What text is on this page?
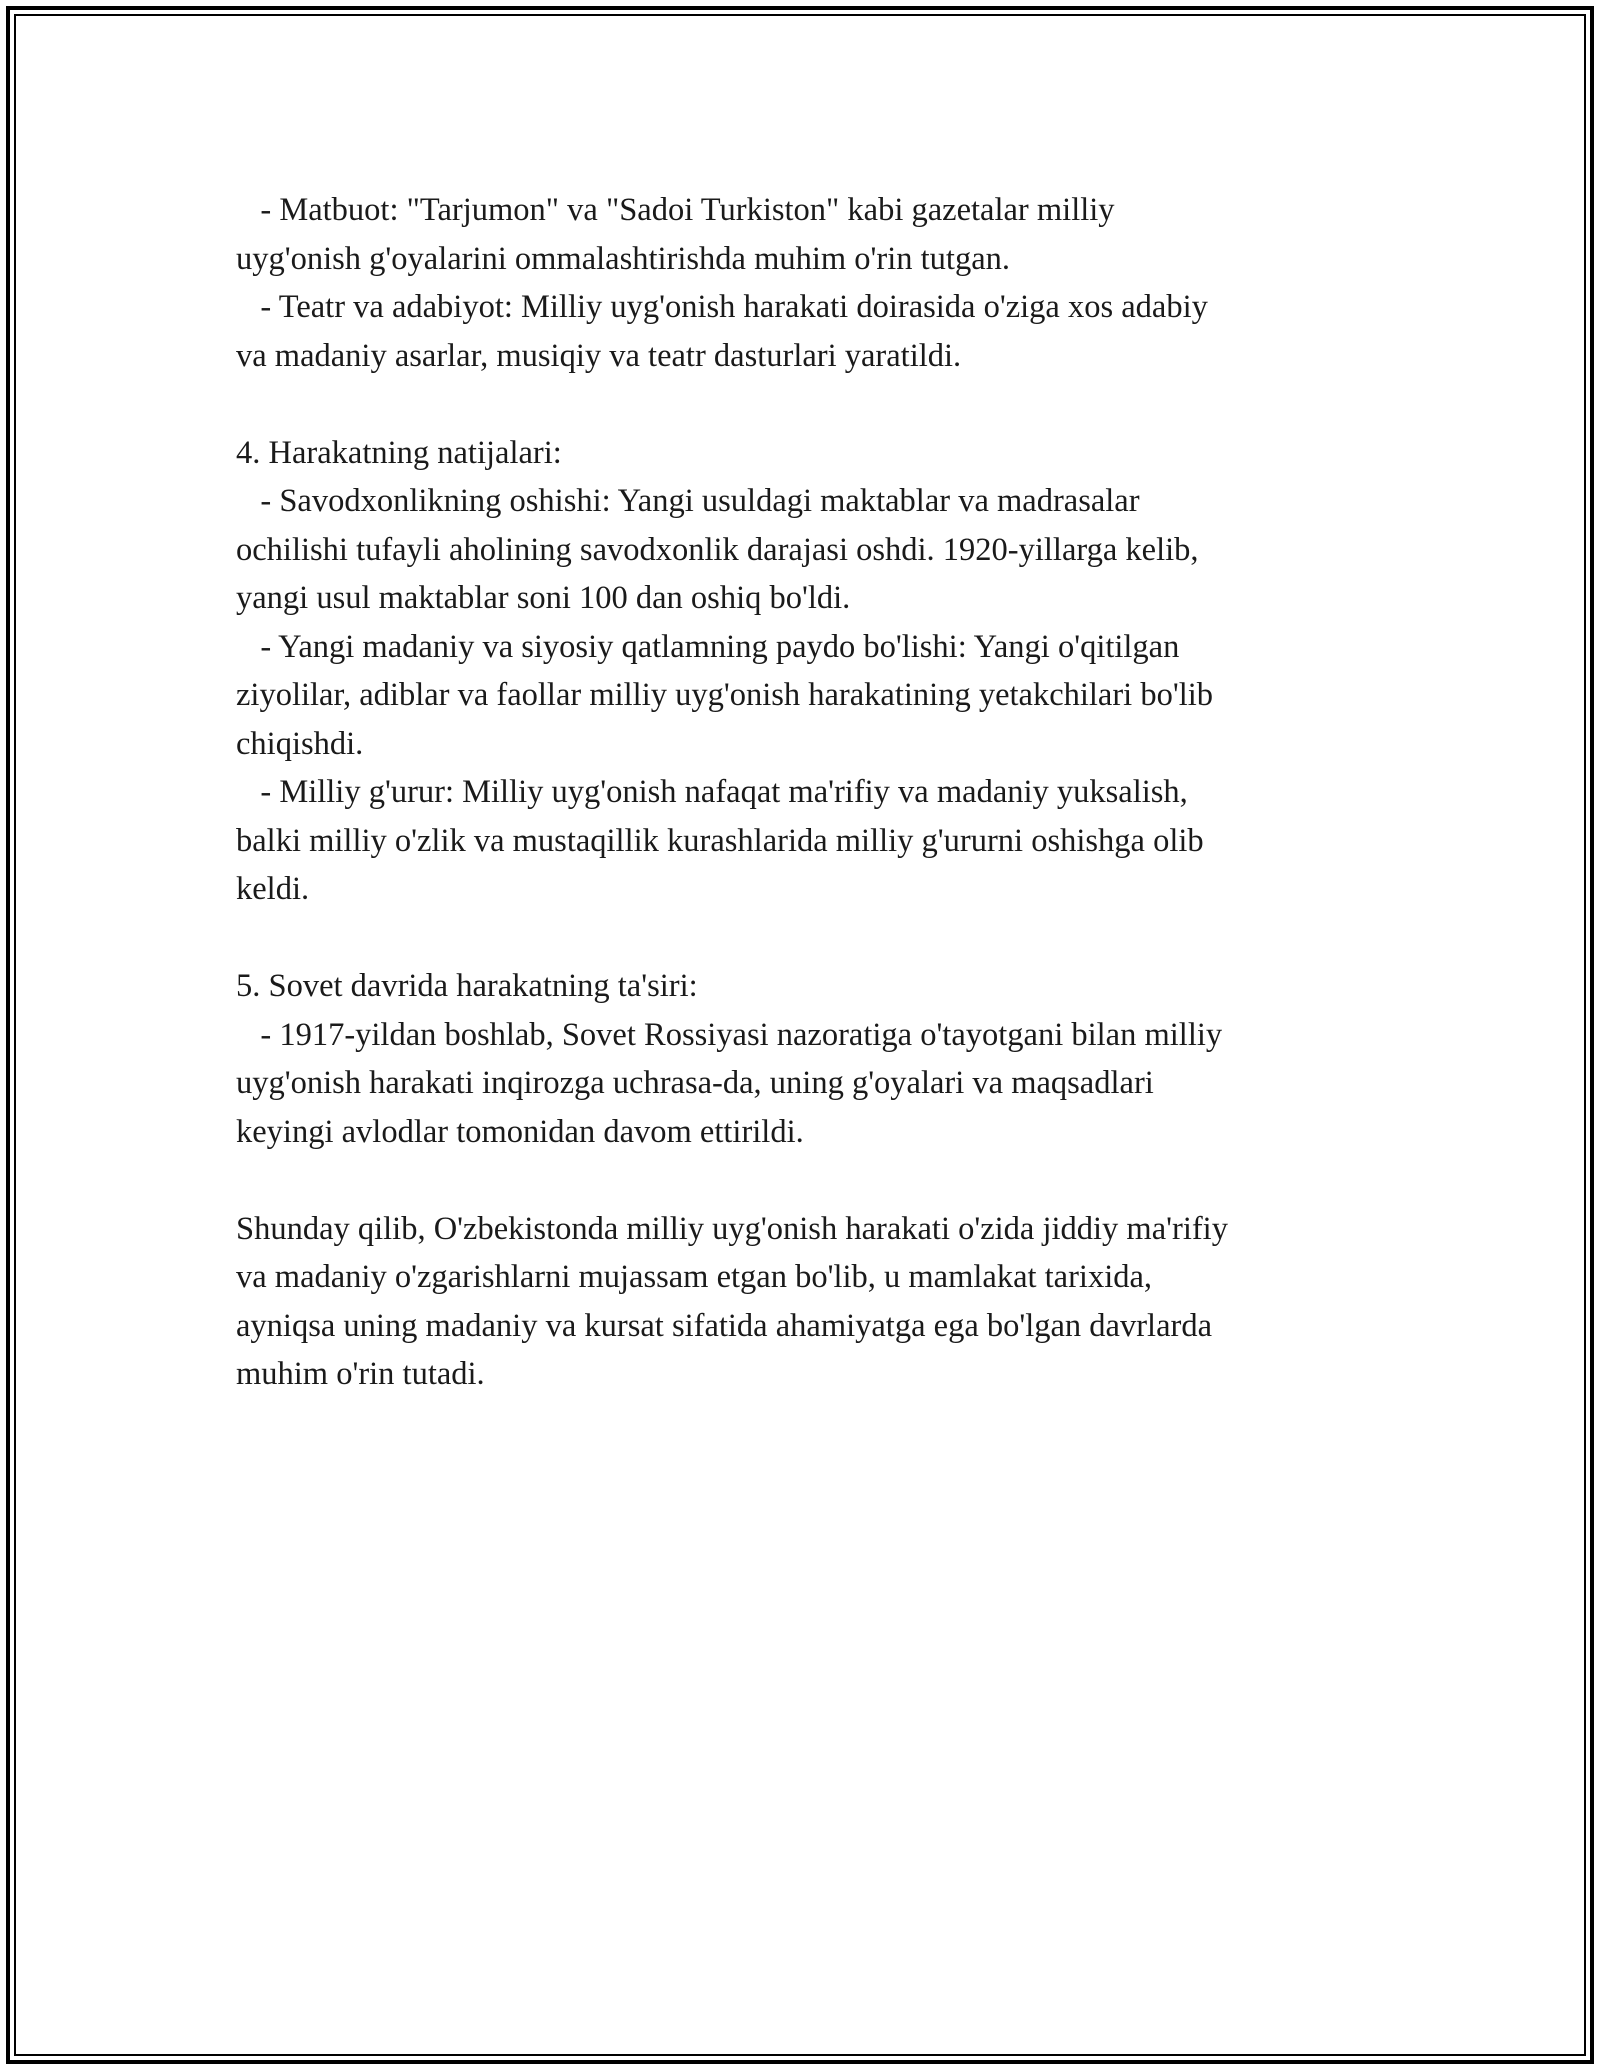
- Matbuot: "Tarjumon" va "Sadoi Turkiston" kabi gazetalar milliy

uyg'onish g'oyalarini ommalashtirishda muhim o'rin tutgan.

- Teatr va adabiyot: Milliy uyg'onish harakati doirasida o'ziga xos adabiy

va madaniy asarlar, musiqiy va teatr dasturlari yaratildi.

4. Harakatning natijalari:

- Savodxonlikning oshishi: Yangi usuldagi maktablar va madrasalar

ochilishi tufayli aholining savodxonlik darajasi oshdi. 1920-yillarga kelib,

yangi usul maktablar soni 100 dan oshiq bo'ldi.

- Yangi madaniy va siyosiy qatlamning paydo bo'lishi: Yangi o'qitilgan

ziyolilar, adiblar va faollar milliy uyg'onish harakatining yetakchilari bo'lib

chiqishdi.

- Milliy g'urur: Milliy uyg'onish nafaqat ma'rifiy va madaniy yuksalish,

balki milliy o'zlik va mustaqillik kurashlarida milliy g'ururni oshishga olib

keldi.

5. Sovet davrida harakatning ta'siri:

- 1917-yildan boshlab, Sovet Rossiyasi nazoratiga o'tayotgani bilan milliy

uyg'onish harakati inqirozga uchrasa-da, uning g'oyalari va maqsadlari

keyingi avlodlar tomonidan davom ettirildi.

Shunday qilib, O'zbekistonda milliy uyg'onish harakati o'zida jiddiy ma'rifiy

va madaniy o'zgarishlarni mujassam etgan bo'lib, u mamlakat tarixida,

ayniqsa uning madaniy va kursat sifatida ahamiyatga ega bo'lgan davrlarda

muhim o'rin tutadi.
